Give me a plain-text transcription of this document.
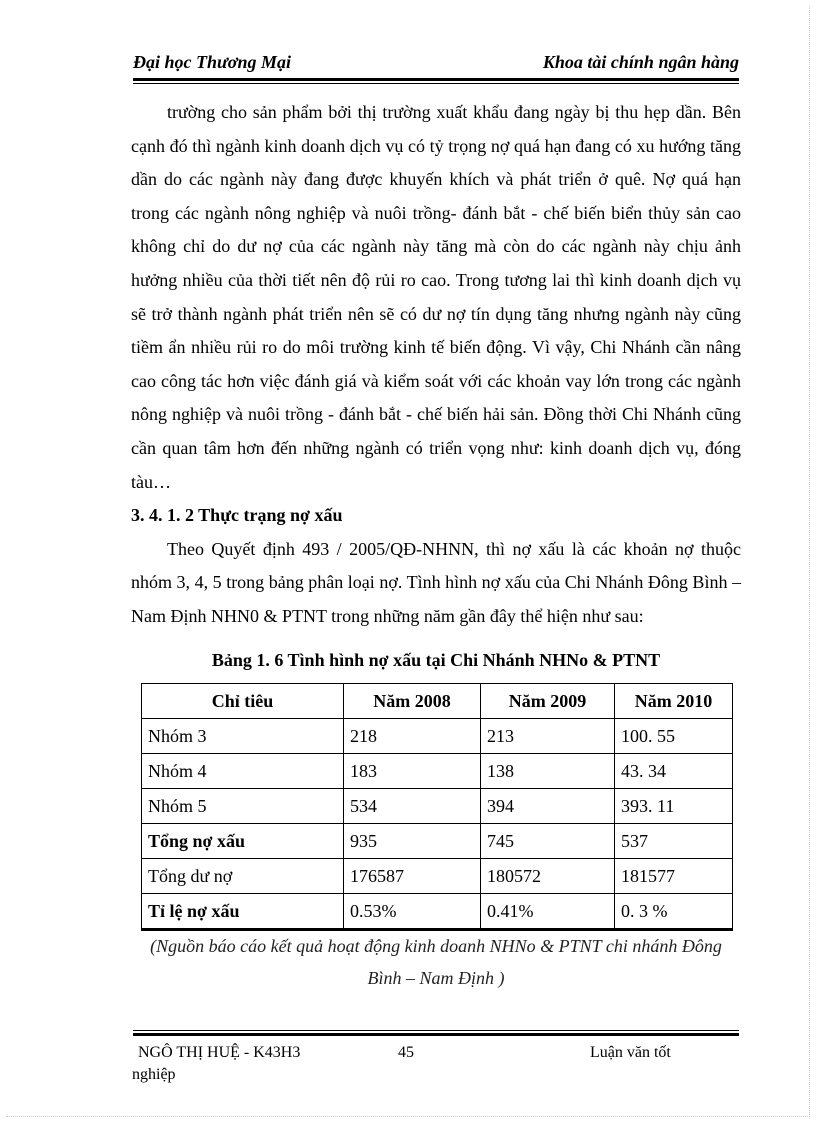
Đại học Thương Mại	Khoa tài chính ngân hàng

trường cho sản phẩm bởi thị trường xuất khẩu đang ngày bị thu hẹp dần. Bên cạnh đó thì ngành kinh doanh dịch vụ có tỷ trọng nợ quá hạn đang có xu hướng tăng dần do các ngành này đang được khuyến khích và phát triển ở quê. Nợ quá hạn trong các ngành nông nghiệp và nuôi trồng- đánh bắt - chế biến biển thủy sản cao không chỉ do dư nợ của các ngành này tăng mà còn do các ngành này chịu ảnh hưởng nhiều của thời tiết nên độ rủi ro cao. Trong tương lai thì kinh doanh dịch vụ sẽ trở thành ngành phát triển nên sẽ có dư nợ tín dụng tăng nhưng ngành này cũng tiềm ẩn nhiều rủi ro do môi trường kinh tế biến động. Vì vậy, Chi Nhánh cần nâng cao công tác hơn việc đánh giá và kiểm soát với các khoản vay lớn trong các ngành nông nghiệp và nuôi trồng - đánh bắt - chế biến hải sản. Đồng thời Chi Nhánh cũng cần quan tâm hơn đến những ngành có triển vọng như: kinh doanh dịch vụ, đóng tàu…

3. 4. 1. 2 Thực trạng nợ xấu

Theo Quyết định 493 / 2005/QĐ-NHNN, thì nợ xấu là các khoản nợ thuộc nhóm 3, 4, 5 trong bảng phân loại nợ. Tình hình nợ xấu của Chi Nhánh Đông Bình – Nam Định NHN0 & PTNT trong những năm gần đây thể hiện như sau:

Bảng 1. 6 Tình hình nợ xấu tại Chi Nhánh NHNo & PTNT
Chỉ tiêu	Năm 2008	Năm 2009	Năm 2010
Nhóm 3	218	213	100. 55
Nhóm 4	183	138	43. 34
Nhóm 5	534	394	393. 11
Tổng nợ xấu	935	745	537
Tổng dư nợ	176587	180572	181577
Tỉ lệ nợ xấu	0.53%	0.41%	0. 3 %
(Nguồn báo cáo kết quả hoạt động kinh doanh NHNo & PTNT chi nhánh Đông
Bình – Nam Định )
NGÔ THỊ HUỆ - K43H3	45	Luận văn tốt
nghiệp
